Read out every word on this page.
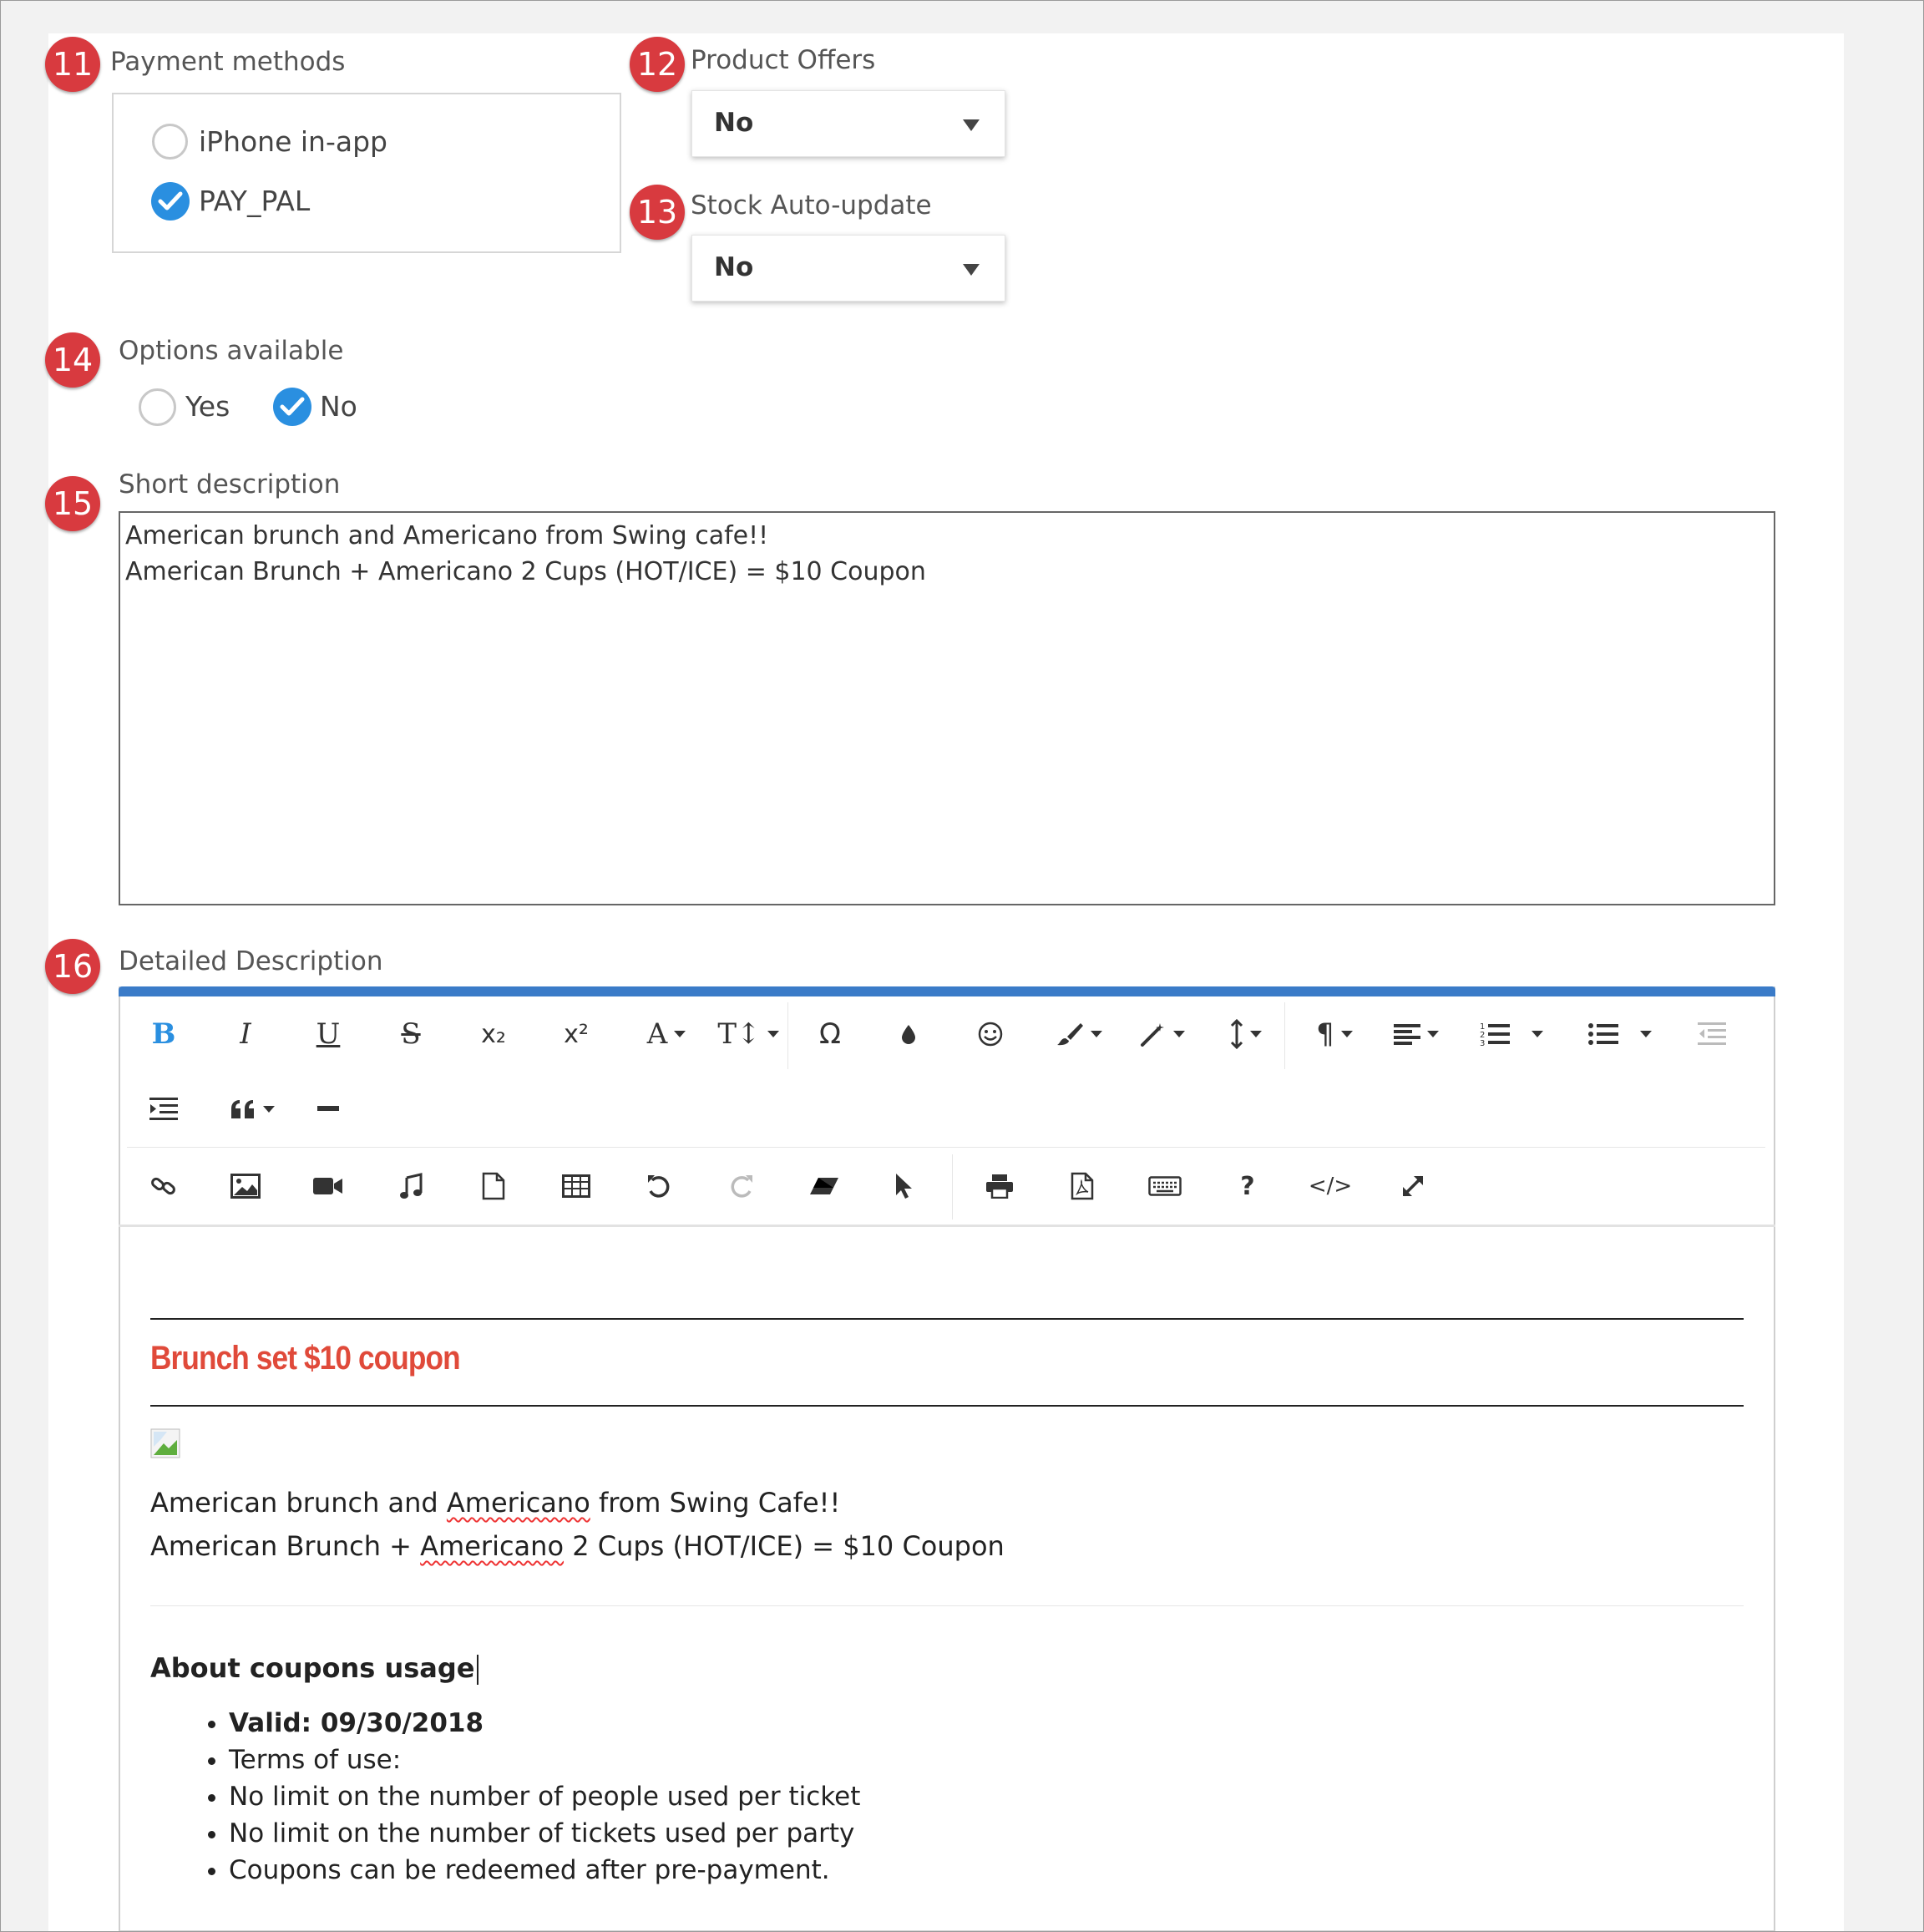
11 Payment methods
iPhone in-app
PAY_PAL
12 Product Offers
No
13 Stock Auto-update
No
14 Options available
Yes	No
15
Short description
American brunch and Americano from Swing cafe!!
American Brunch + Americano 2 Cups (HOT/ICE) = $10 Coupon
16 Detailed Description
B	I	U	S	x₂	x²	A T↕	Ω	¶	1
2
3
?	</>
Brunch set $10 coupon
American brunch and Americano from Swing Cafe!!
American Brunch + Americano 2 Cups (HOT/ICE) = $10 Coupon
About coupons usage
• Valid: 09/30/2018
• Terms of use:
• No limit on the number of people used per ticket
• No limit on the number of tickets used per party
• Coupons can be redeemed after pre-payment.
